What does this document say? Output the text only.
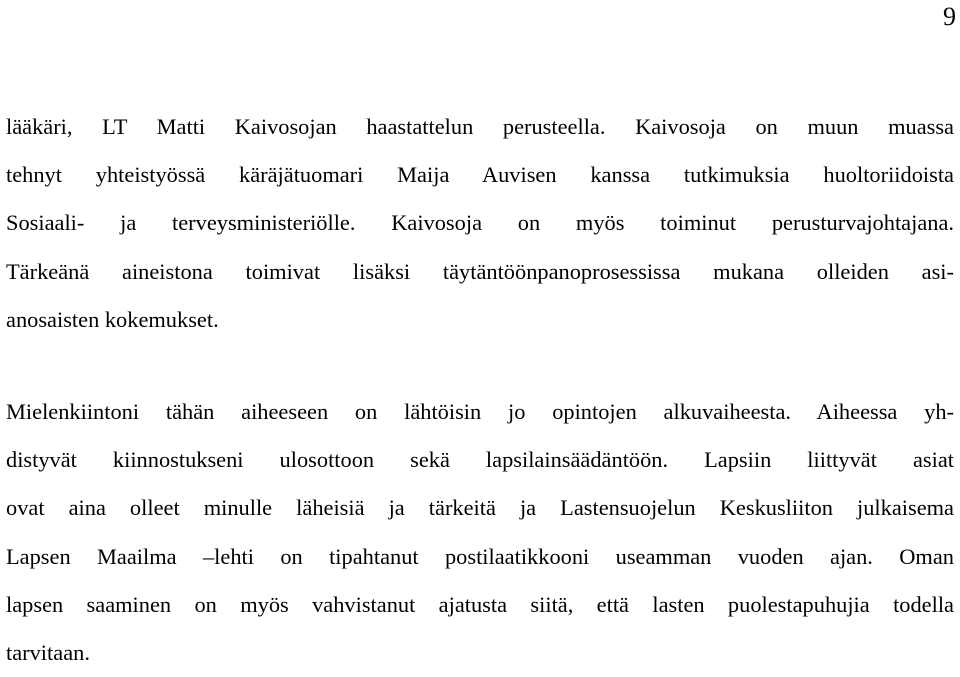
9
lääkäri, LT Matti Kaivosojan haastattelun perusteella. Kaivosoja on muun muassa
tehnyt yhteistyössä käräjätuomari Maija Auvisen kanssa tutkimuksia huoltoriidoista
Sosiaali- ja terveysministeriölle. Kaivosoja on myös toiminut perusturvajohtajana.
Tärkeänä aineistona toimivat lisäksi täytäntöönpanoprosessissa mukana olleiden asi-
anosaisten kokemukset.
Mielenkiintoni tähän aiheeseen on lähtöisin jo opintojen alkuvaiheesta. Aiheessa yh-
distyvät kiinnostukseni ulosottoon sekä lapsilainsäädäntöön. Lapsiin liittyvät asiat
ovat aina olleet minulle läheisiä ja tärkeitä ja Lastensuojelun Keskusliiton julkaisema
Lapsen Maailma –lehti on tipahtanut postilaatikkooni useamman vuoden ajan. Oman
lapsen saaminen on myös vahvistanut ajatusta siitä, että lasten puolestapuhujia todella
tarvitaan.
